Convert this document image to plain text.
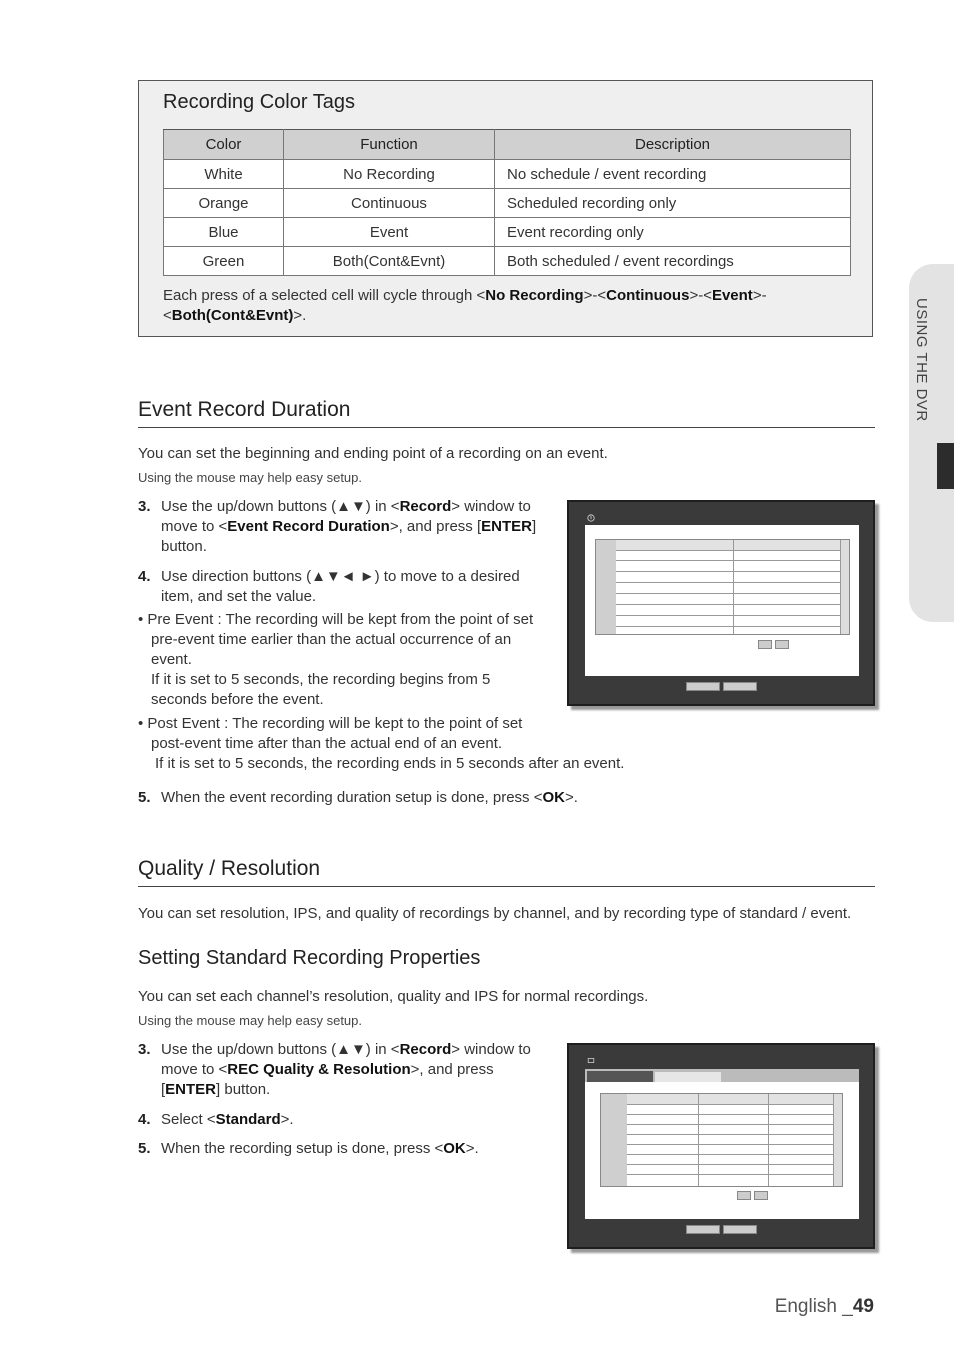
Recording Color Tags
Color	Function	Description
White	No Recording	No schedule / event recording
Orange	Continuous	Scheduled recording only
Blue	Event	Event recording only
Green	Both(Cont&Evnt)	Both scheduled / event recordings
Each press of a selected cell will cycle through <No Recording>-<Continuous>-<Event>-
<Both(Cont&Evnt)>.	USING THE DVR
Event Record Duration
You can set the beginning and ending point of a recording on an event.
Using the mouse may help easy setup.
3. Use the up/down buttons (▲▼) in <Record> window to
move to <Event Record Duration>, and press [ENTER]
button.
4. Use direction buttons (▲▼◄ ►) to move to a desired
item, and set the value.
• Pre Event : The recording will be kept from the point of set
pre-event time earlier than the actual occurrence of an
event.
If it is set to 5 seconds, the recording begins from 5
seconds before the event.
• Post Event : The recording will be kept to the point of set
post-event time after than the actual end of an event.
If it is set to 5 seconds, the recording ends in 5 seconds after an event.
5. When the event recording duration setup is done, press <OK>.
Quality / Resolution
You can set resolution, IPS, and quality of recordings by channel, and by recording type of standard / event.
Setting Standard Recording Properties
You can set each channel’s resolution, quality and IPS for normal recordings.
Using the mouse may help easy setup.
3. Use the up/down buttons (▲▼) in <Record> window to
move to <REC Quality & Resolution>, and press
[ENTER] button.
4. Select <Standard>.
5. When the recording setup is done, press <OK>.
English _49
